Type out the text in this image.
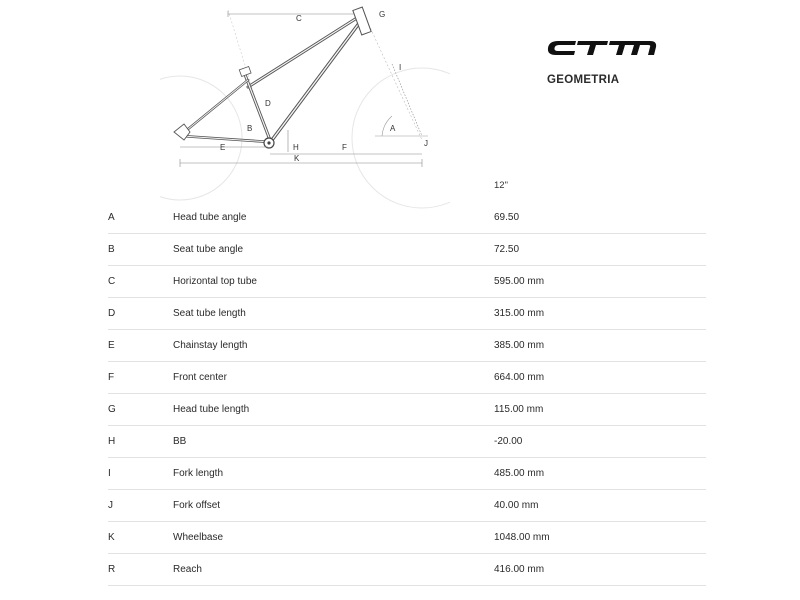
C	G
I
D
A
B
E	H	F	J
K
GEOMETRIA
12"
A	Head tube angle	69.50
B	Seat tube angle	72.50
C	Horizontal top tube	595.00 mm
D	Seat tube length	315.00 mm
E	Chainstay length	385.00 mm
F	Front center	664.00 mm
G	Head tube length	115.00 mm
H	BB	-20.00
I	Fork length	485.00 mm
J	Fork offset	40.00 mm
K	Wheelbase	1048.00 mm
R	Reach	416.00 mm
